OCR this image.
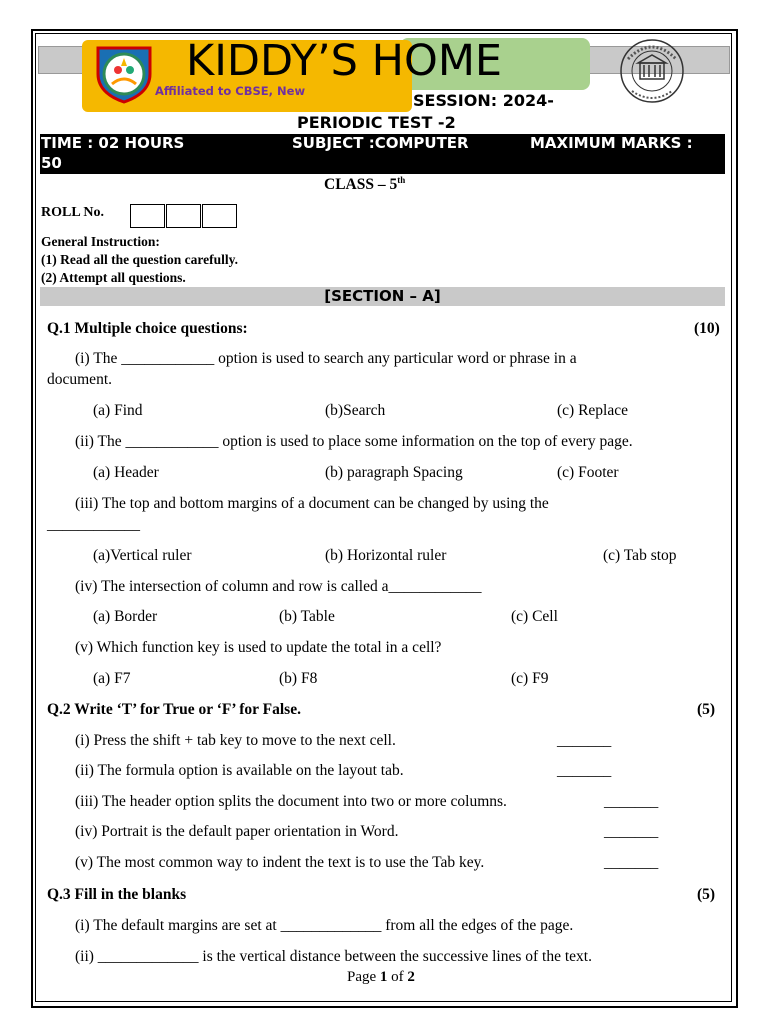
KIDDY’S HOME
Affiliated to CBSE, New	SESSION: 2024-
PERIODIC TEST -2
TIME : 02 HOURS	SUBJECT :COMPUTER	MAXIMUM MARKS :
50
CLASS – 5th
ROLL No.
General Instruction:
(1) Read all the question carefully.
(2) Attempt all questions.
[SECTION – A]
Q.1 Multiple choice questions:	(10)
(i) The ____________ option is used to search any particular word or phrase in a
document.
(a) Find	(b)Search	(c) Replace
(ii) The ____________ option is used to place some information on the top of every page.
(a) Header	(b) paragraph Spacing	(c) Footer
(iii) The top and bottom margins of a document can be changed by using the
____________
(a)Vertical ruler	(b) Horizontal ruler	(c) Tab stop
(iv) The intersection of column and row is called a____________
(a) Border	(b) Table	(c) Cell
(v) Which function key is used to update the total in a cell?
(a) F7	(b) F8	(c) F9
Q.2 Write ‘T’ for True or ‘F’ for False.	(5)
(i) Press the shift + tab key to move to the next cell.	_______
(ii) The formula option is available on the layout tab.	_______
(iii) The header option splits the document into two or more columns.	_______
(iv) Portrait is the default paper orientation in Word.	_______
(v) The most common way to indent the text is to use the Tab key.	_______
Q.3 Fill in the blanks	(5)
(i) The default margins are set at _____________ from all the edges of the page.
(ii) _____________ is the vertical distance between the successive lines of the text.
Page 1 of 2
